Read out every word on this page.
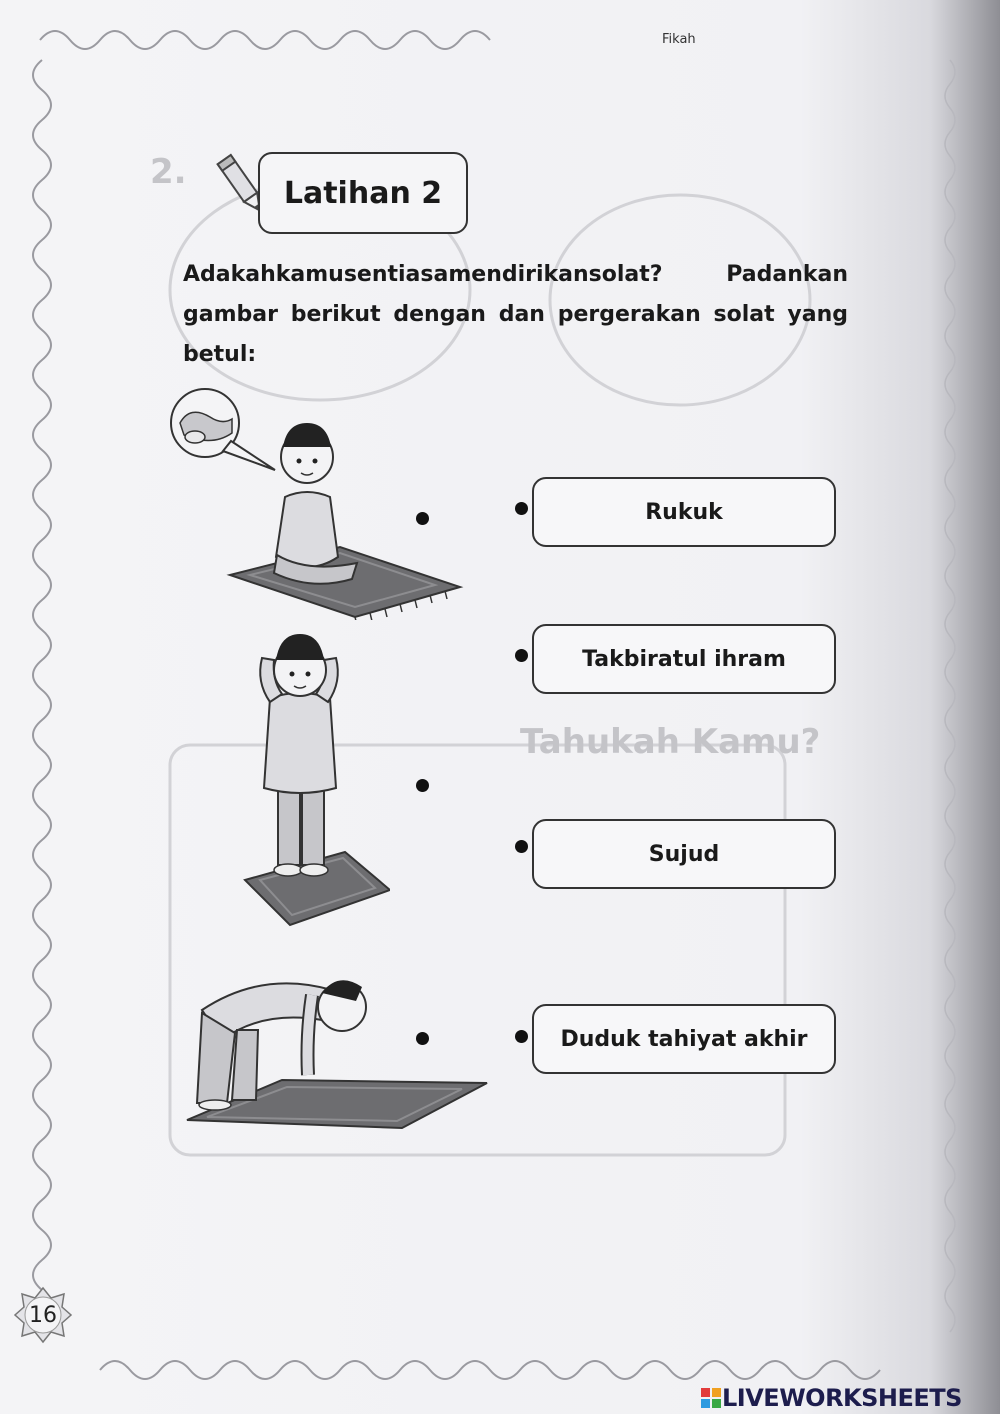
2.
Tahukah Kamu?
Fikah
Latihan 2
Adakahkamusentiasamendirikansolat? Padankan gambar berikut dengan dan pergerakan solat yang betul:
Rukuk
Takbiratul ihram
Sujud
Duduk tahiyat akhir
16
LIVEWORKSHEETS
